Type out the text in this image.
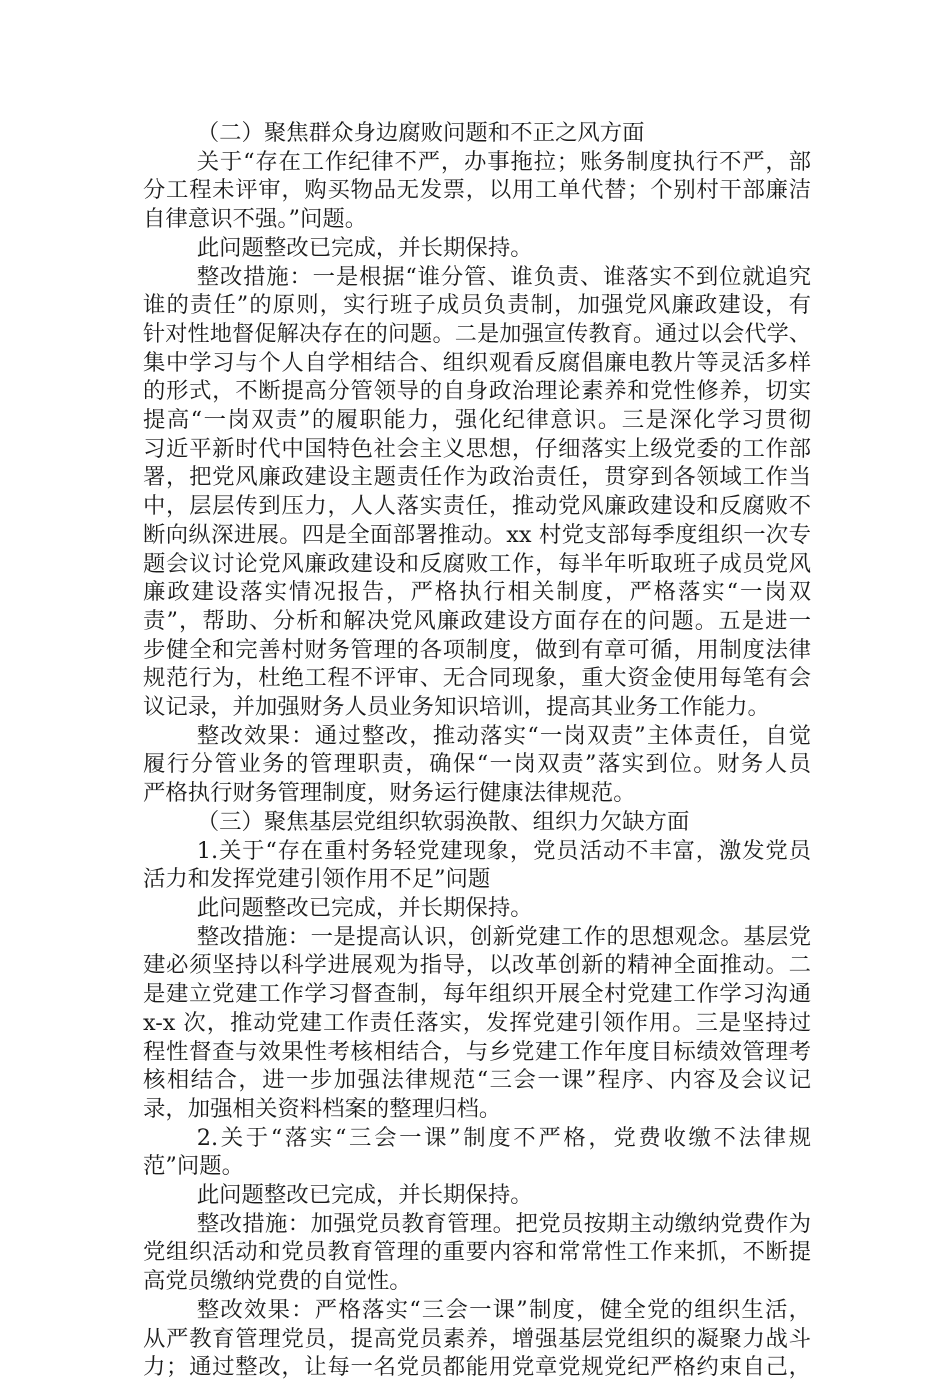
（二）聚焦群众身边腐败问题和不正之风方面
关于“存在工作纪律不严，办事拖拉；账务制度执行不严，部
分工程未评审，购买物品无发票，以用工单代替；个别村干部廉洁
自律意识不强。”问题。
此问题整改已完成，并长期保持。
整改措施：一是根据“谁分管、谁负责、谁落实不到位就追究
谁的责任”的原则，实行班子成员负责制，加强党风廉政建设，有
针对性地督促解决存在的问题。二是加强宣传教育。通过以会代学、
集中学习与个人自学相结合、组织观看反腐倡廉电教片等灵活多样
的形式，不断提高分管领导的自身政治理论素养和党性修养，切实
提高“一岗双责”的履职能力，强化纪律意识。三是深化学习贯彻
习近平新时代中国特色社会主义思想，仔细落实上级党委的工作部
署，把党风廉政建设主题责任作为政治责任，贯穿到各领域工作当
中，层层传到压力，人人落实责任，推动党风廉政建设和反腐败不
断向纵深进展。四是全面部署推动。xx 村党支部每季度组织一次专
题会议讨论党风廉政建设和反腐败工作，每半年听取班子成员党风
廉政建设落实情况报告，严格执行相关制度，严格落实“一岗双
责”，帮助、分析和解决党风廉政建设方面存在的问题。五是进一
步健全和完善村财务管理的各项制度，做到有章可循，用制度法律
规范行为，杜绝工程不评审、无合同现象，重大资金使用每笔有会
议记录，并加强财务人员业务知识培训，提高其业务工作能力。
整改效果：通过整改，推动落实“一岗双责”主体责任，自觉
履行分管业务的管理职责，确保“一岗双责”落实到位。财务人员
严格执行财务管理制度，财务运行健康法律规范。
（三）聚焦基层党组织软弱涣散、组织力欠缺方面
1.关于“存在重村务轻党建现象，党员活动不丰富，激发党员
活力和发挥党建引领作用不足”问题
此问题整改已完成，并长期保持。
整改措施：一是提高认识，创新党建工作的思想观念。基层党
建必须坚持以科学进展观为指导，以改革创新的精神全面推动。二
是建立党建工作学习督查制，每年组织开展全村党建工作学习沟通
x-x 次，推动党建工作责任落实，发挥党建引领作用。三是坚持过
程性督查与效果性考核相结合，与乡党建工作年度目标绩效管理考
核相结合，进一步加强法律规范“三会一课”程序、内容及会议记
录，加强相关资料档案的整理归档。
2.关于“落实“三会一课”制度不严格，党费收缴不法律规
范”问题。
此问题整改已完成，并长期保持。
整改措施：加强党员教育管理。把党员按期主动缴纳党费作为
党组织活动和党员教育管理的重要内容和常常性工作来抓，不断提
高党员缴纳党费的自觉性。
整改效果：严格落实“三会一课”制度，健全党的组织生活，
从严教育管理党员，提高党员素养，增强基层党组织的凝聚力战斗
力；通过整改，让每一名党员都能用党章党规党纪严格约束自己，
